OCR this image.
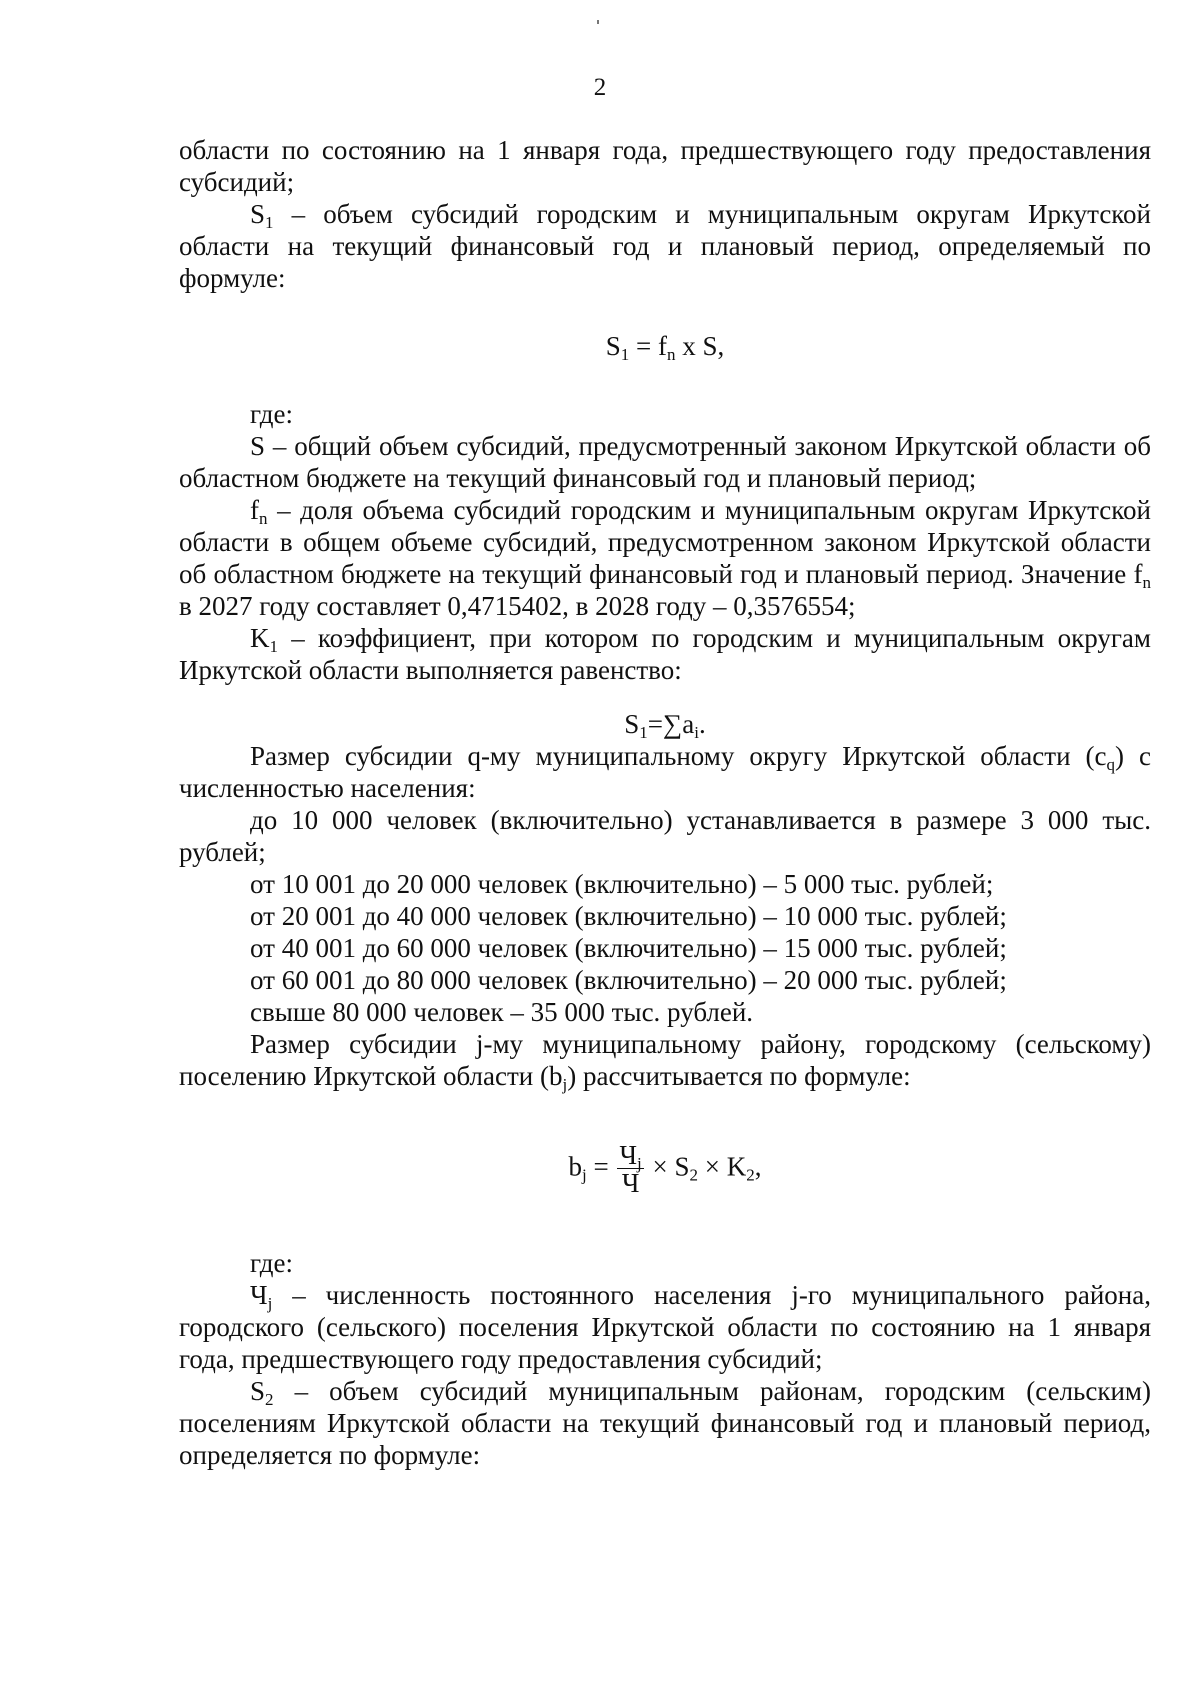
2

области по состоянию на 1 января года, предшествующего году предоставления субсидий;

$S_1$ – объем субсидий городским и муниципальным округам Иркутской области на текущий финансовый год и плановый период, определяемый по формуле:

$S_1 = f_n$ x S,

где:

S – общий объем субсидий, предусмотренный законом Иркутской области об областном бюджете на текущий финансовый год и плановый период;

$f_n$ – доля объема субсидий городским и муниципальным округам Иркутской области в общем объеме субсидий, предусмотренном законом Иркутской области об областном бюджете на текущий финансовый год и плановый период. Значение $f_n$ в 2027 году составляет 0,4715402, в 2028 году – 0,3576554;

$K_1$ – коэффициент, при котором по городским и муниципальным округам Иркутской области выполняется равенство:

$S_1=\sum a_i$.

Размер субсидии q-му муниципальному округу Иркутской области $(c_q)$ с численностью населения:

до 10 000 человек (включительно) устанавливается в размере 3 000 тыс. рублей;

от 10 001 до 20 000 человек (включительно) – 5 000 тыс. рублей;

от 20 001 до 40 000 человек (включительно) – 10 000 тыс. рублей;

от 40 001 до 60 000 человек (включительно) – 15 000 тыс. рублей;

от 60 001 до 80 000 человек (включительно) – 20 000 тыс. рублей;

свыше 80 000 человек – 35 000 тыс. рублей.

Размер субсидии j-му муниципальному району, городскому (сельскому) поселению Иркутской области $(b_j)$ рассчитывается по формуле:

$b_j = \frac{Ч_j}{Ч} \times S_2 \times K_2$,

где:

$Ч_j$ – численность постоянного населения j-го муниципального района, городского (сельского) поселения Иркутской области по состоянию на 1 января года, предшествующего году предоставления субсидий;

$S_2$ – объем субсидий муниципальным районам, городским (сельским) поселениям Иркутской области на текущий финансовый год и плановый период, определяется по формуле:
